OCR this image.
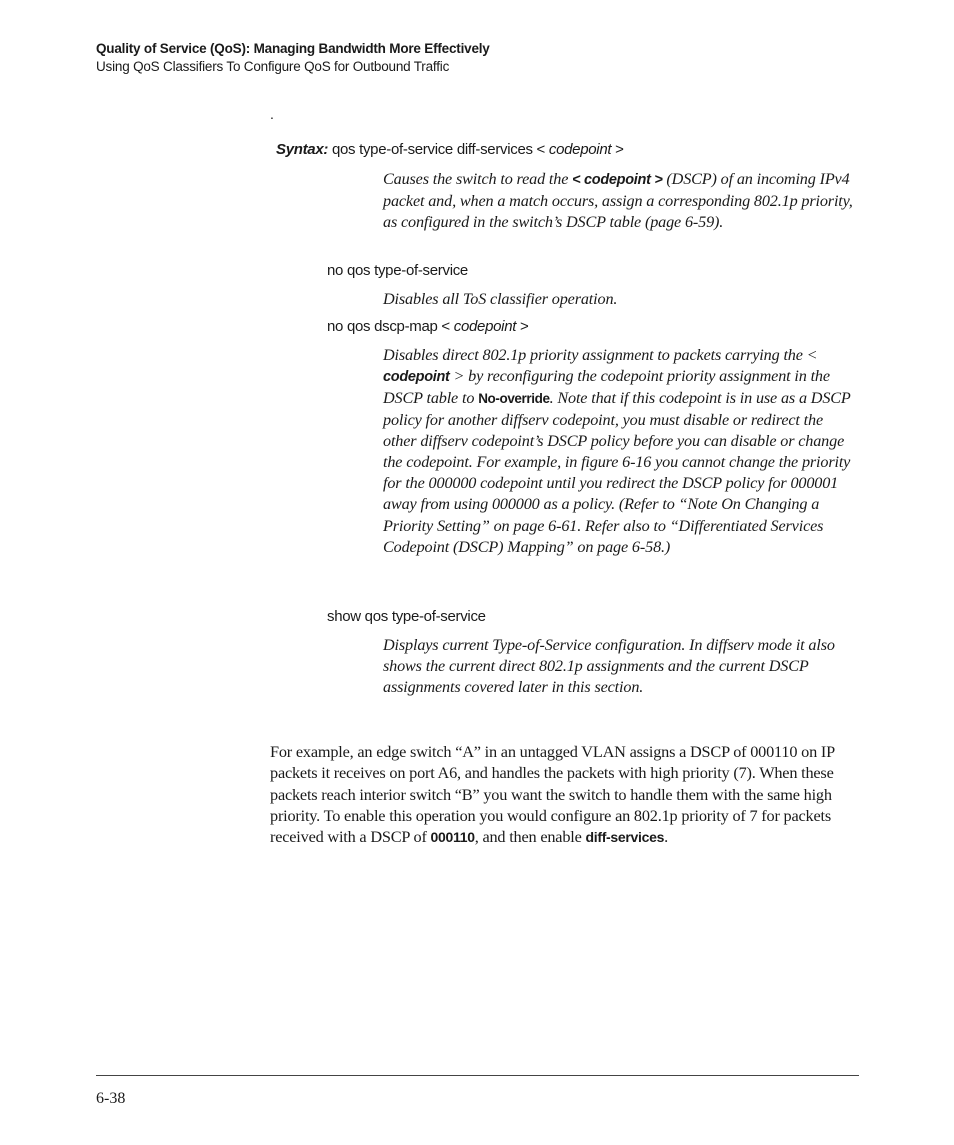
Quality of Service (QoS): Managing Bandwidth More Effectively
Using QoS Classifiers To Configure QoS for Outbound Traffic
.
Syntax: qos type-of-service diff-services < codepoint >
Causes the switch to read the < codepoint > (DSCP) of an incoming IPv4 packet and, when a match occurs, assign a corresponding 802.1p priority, as configured in the switch’s DSCP table (page 6-59).
no qos type-of-service
Disables all ToS classifier operation.
no qos dscp-map < codepoint >
Disables direct 802.1p priority assignment to packets carrying the < codepoint > by reconfiguring the codepoint priority assignment in the DSCP table to No-override. Note that if this codepoint is in use as a DSCP policy for another diffserv codepoint, you must disable or redirect the other diffserv codepoint’s DSCP policy before you can disable or change the codepoint. For example, in figure 6-16 you cannot change the priority for the 000000 codepoint until you redirect the DSCP policy for 000001 away from using 000000 as a policy. (Refer to “Note On Changing a Priority Setting” on page 6-61. Refer also to “Differentiated Services Codepoint (DSCP) Mapping” on page 6-58.)
show qos type-of-service
Displays current Type-of-Service configuration. In diffserv mode it also shows the current direct 802.1p assignments and the current DSCP assignments covered later in this section.
For example, an edge switch “A” in an untagged VLAN assigns a DSCP of 000110 on IP packets it receives on port A6, and handles the packets with high priority (7). When these packets reach interior switch “B” you want the switch to handle them with the same high priority. To enable this operation you would configure an 802.1p priority of 7 for packets received with a DSCP of 000110, and then enable diff-services.
6-38
